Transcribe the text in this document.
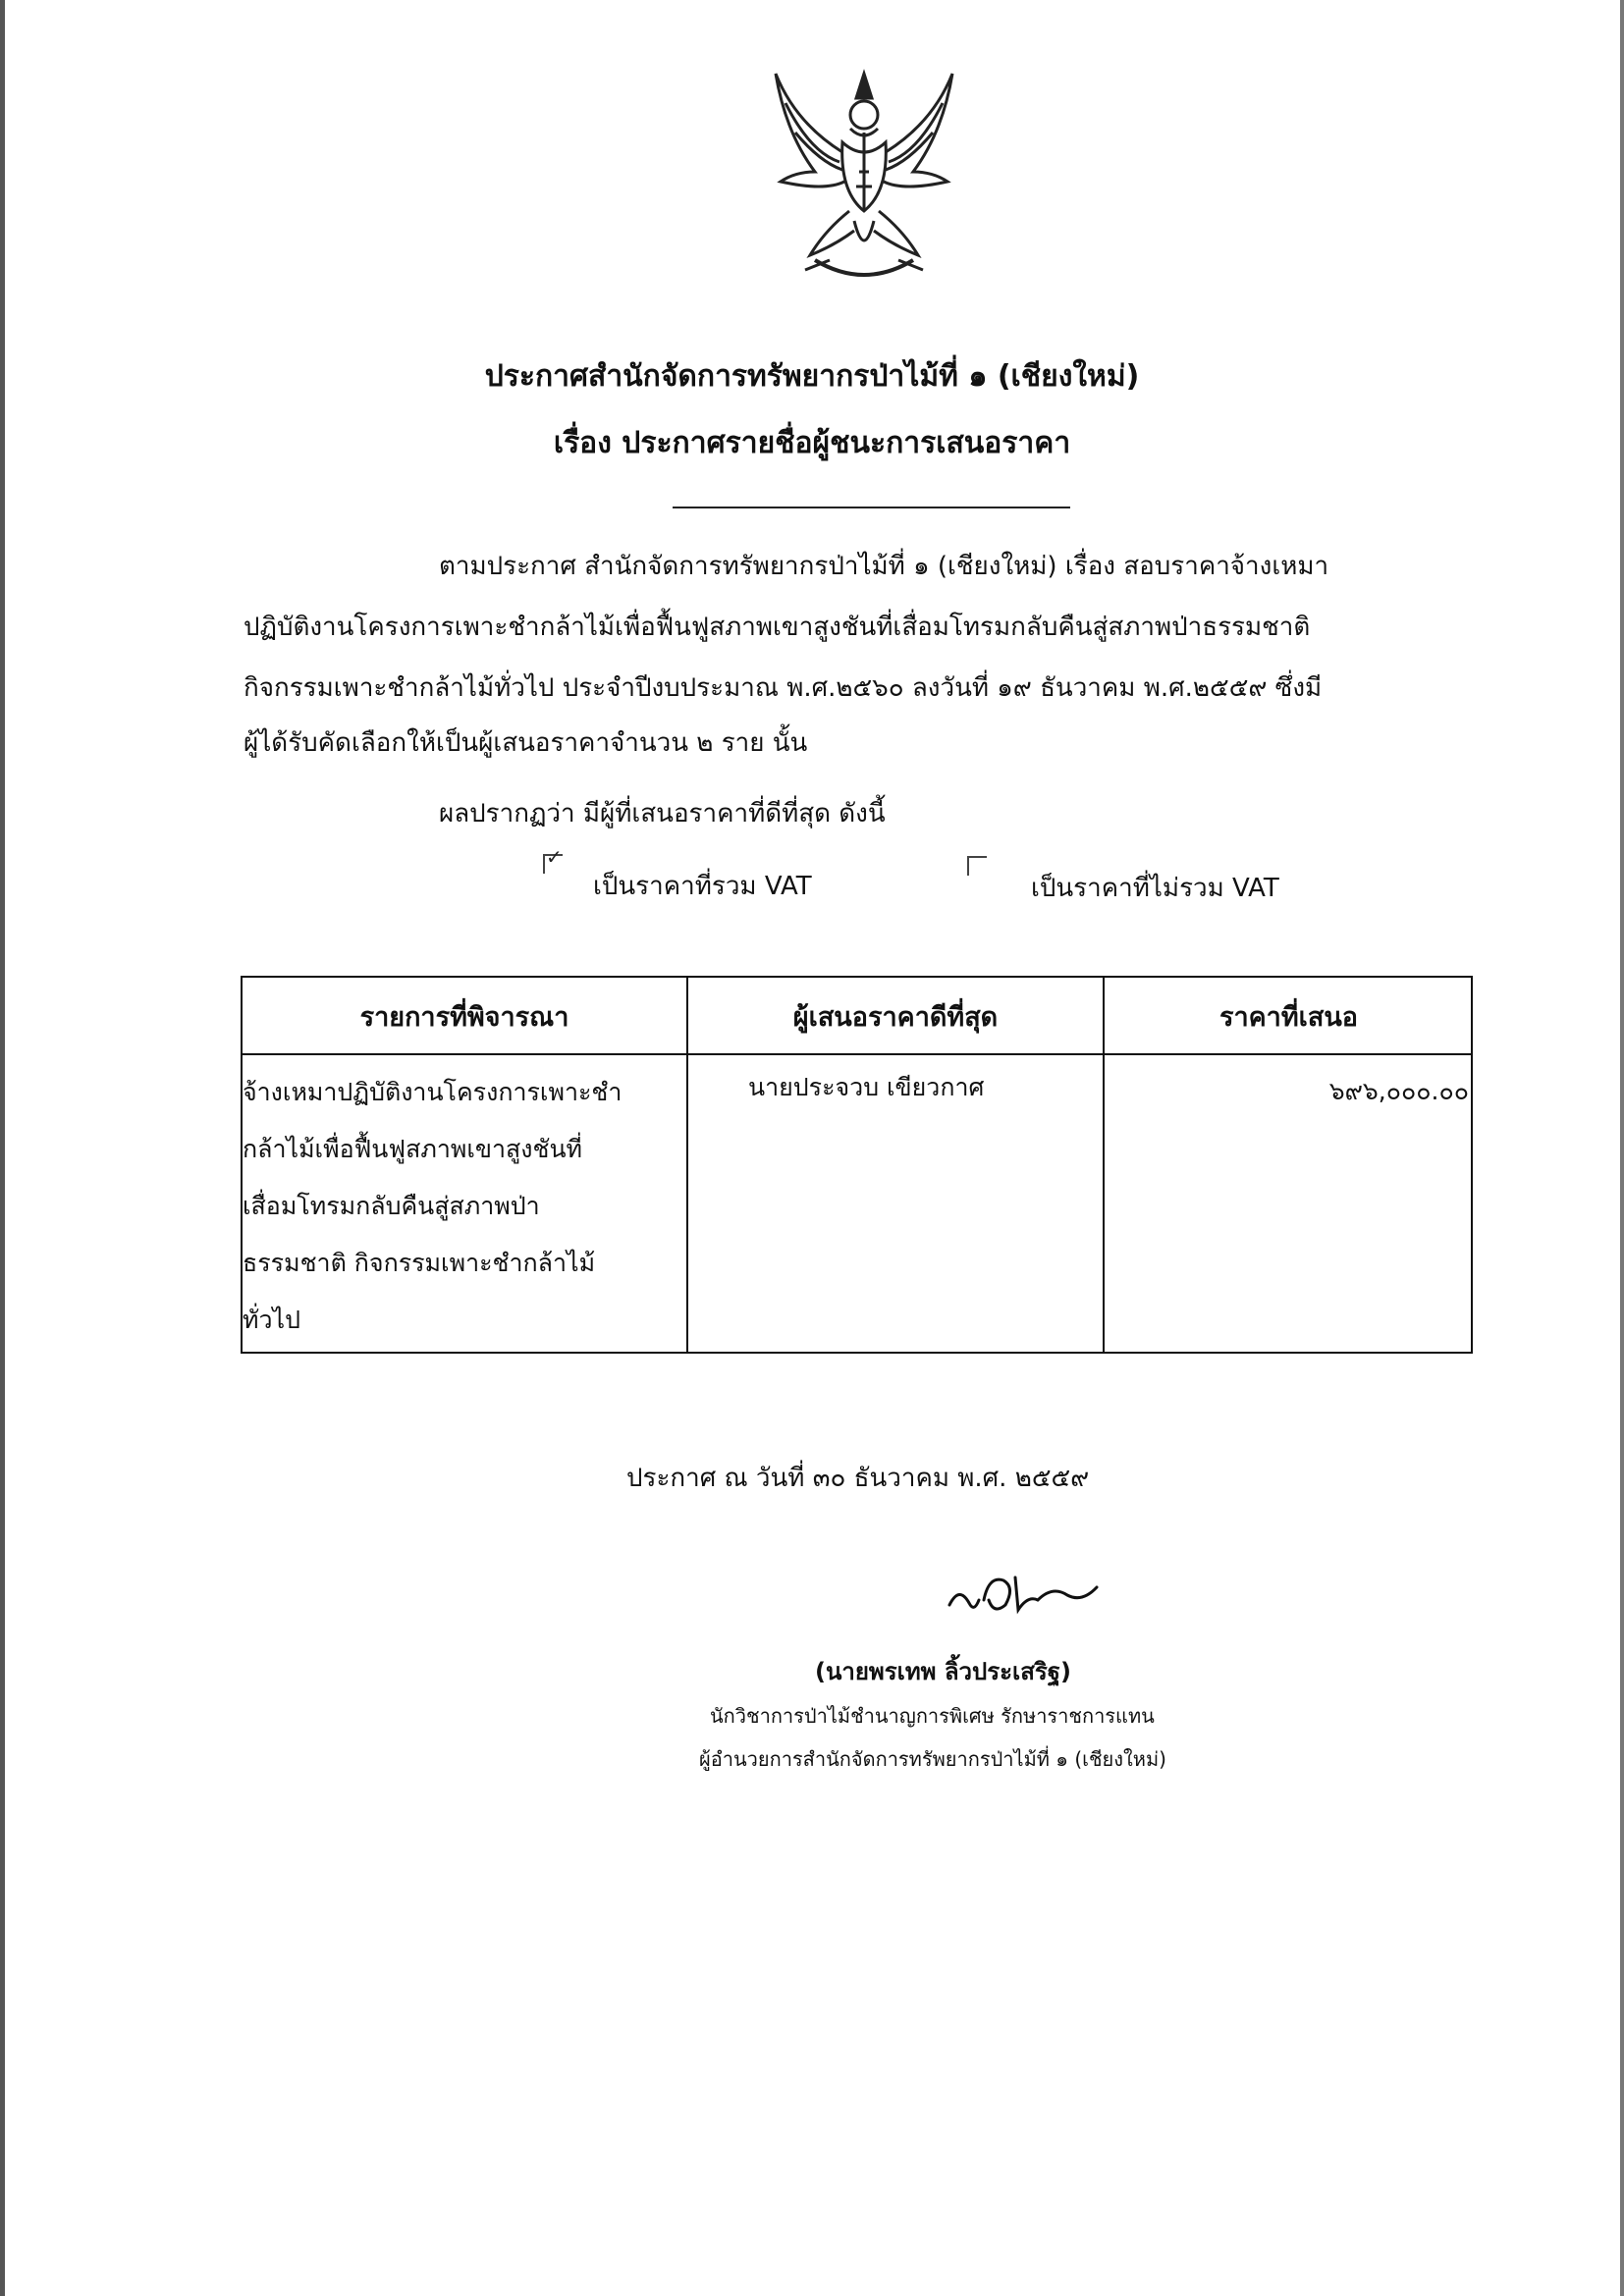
ประกาศสำนักจัดการทรัพยากรป่าไม้ที่ ๑ (เชียงใหม่)
เรื่อง ประกาศรายชื่อผู้ชนะการเสนอราคา
ตามประกาศ สำนักจัดการทรัพยากรป่าไม้ที่ ๑ (เชียงใหม่) เรื่อง สอบราคาจ้างเหมา
ปฏิบัติงานโครงการเพาะชำกล้าไม้เพื่อฟื้นฟูสภาพเขาสูงชันที่เสื่อมโทรมกลับคืนสู่สภาพป่าธรรมชาติ
กิจกรรมเพาะชำกล้าไม้ทั่วไป ประจำปีงบประมาณ พ.ศ.๒๕๖๐ ลงวันที่ ๑๙ ธันวาคม พ.ศ.๒๕๕๙ ซึ่งมี
ผู้ได้รับคัดเลือกให้เป็นผู้เสนอราคาจำนวน ๒ ราย นั้น
ผลปรากฏว่า มีผู้ที่เสนอราคาที่ดีที่สุด ดังนี้
✓
เป็นราคาที่รวม VAT	เป็นราคาที่ไม่รวม VAT
รายการที่พิจารณา	ผู้เสนอราคาดีที่สุด	ราคาที่เสนอ
จ้างเหมาปฏิบัติงานโครงการเพาะชำ
กล้าไม้เพื่อฟื้นฟูสภาพเขาสูงชันที่
เสื่อมโทรมกลับคืนสู่สภาพป่า
ธรรมชาติ กิจกรรมเพาะชำกล้าไม้
ทั่วไป
นายประจวบ เขียวกาศ	๖๙๖,๐๐๐.๐๐
ประกาศ ณ วันที่ ๓๐ ธันวาคม พ.ศ. ๒๕๕๙
(นายพรเทพ ลิ้วประเสริฐ)
นักวิชาการป่าไม้ชำนาญการพิเศษ รักษาราชการแทน
ผู้อำนวยการสำนักจัดการทรัพยากรป่าไม้ที่ ๑ (เชียงใหม่)
